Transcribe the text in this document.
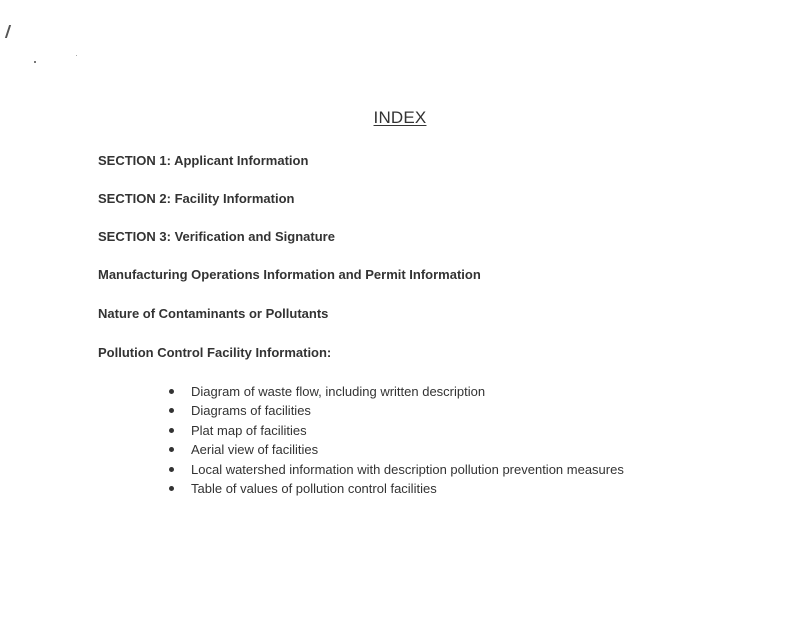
INDEX
SECTION 1: Applicant Information
SECTION 2: Facility Information
SECTION 3: Verification and Signature
Manufacturing Operations Information and Permit Information
Nature of Contaminants or Pollutants
Pollution Control Facility Information:
Diagram of waste flow, including written description
Diagrams of facilities
Plat map of facilities
Aerial view of facilities
Local watershed information with description pollution prevention measures
Table of values of pollution control facilities
